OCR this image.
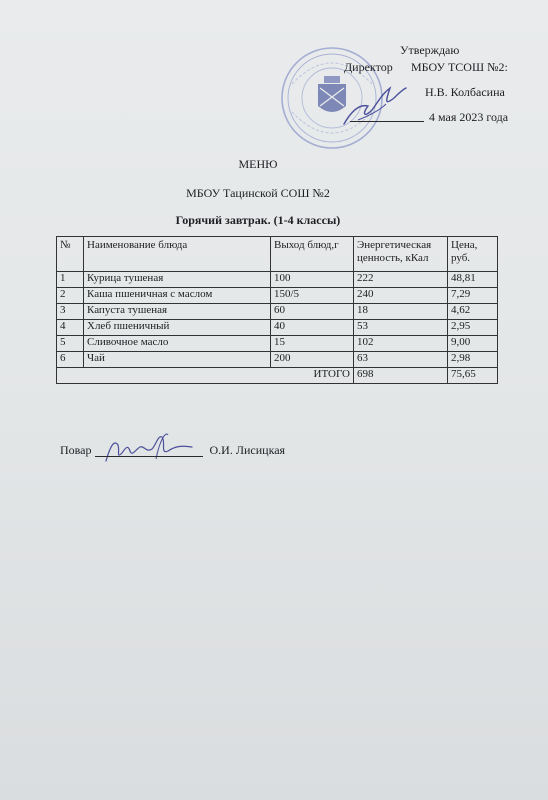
Утверждаю
Директор МБОУ ТСОШ №2:
Н.В. Колбасина
4 мая 2023 года
МЕНЮ
МБОУ Тацинской СОШ №2
Горячий завтрак. (1-4 классы)
№	Наименование блюда	Выход блюд,г	Энергетическая ценность, кКал	Цена, руб.
1	Курица тушеная	100	222	48,81
2	Каша пшеничная с маслом	150/5	240	7,29
3	Капуста тушеная	60	18	4,62
4	Хлеб пшеничный	40	53	2,95
5	Сливочное масло	15	102	9,00
6	Чай	200	63	2,98
ИТОГО			698	75,65
Повар	О.И. Лисицкая
